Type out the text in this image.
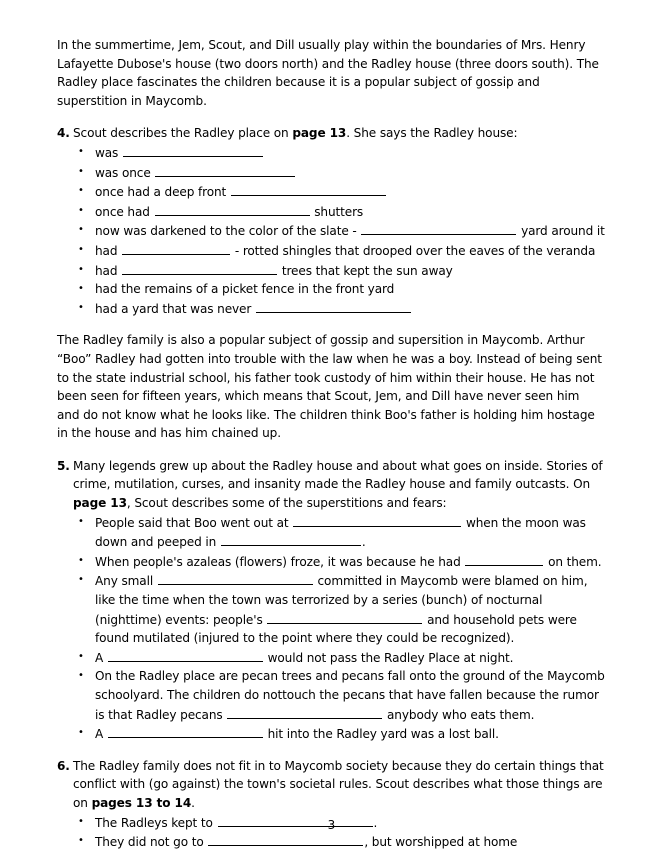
In the summertime, Jem, Scout, and Dill usually play within the boundaries of Mrs. Henry Lafayette Dubose's house (two doors north) and the Radley house (three doors south). The Radley place fascinates the children because it is a popular subject of gossip and superstition in Maycomb.

4. Scout describes the Radley place on page 13. She says the Radley house:
• was
• was once
• once had a deep front
• once had	shutters
• now was darkened to the color of the slate -	yard around it
• had	- rotted shingles that drooped over the eaves of the veranda
• had	trees that kept the sun away
• had the remains of a picket fence in the front yard
• had a yard that was never

The Radley family is also a popular subject of gossip and supersition in Maycomb. Arthur “Boo” Radley had gotten into trouble with the law when he was a boy. Instead of being sent to the state industrial school, his father took custody of him within their house. He has not been seen for fifteen years, which means that Scout, Jem, and Dill have never seen him and do not know what he looks like. The children think Boo's father is holding him hostage in the house and has him chained up.

5. Many legends grew up about the Radley house and about what goes on inside. Stories of crime, mutilation, curses, and insanity made the Radley house and family outcasts. On page 13, Scout describes some of the superstitions and fears:
• People said that Boo went out at	when the moon was down and peeped in	.
• When people's azaleas (flowers) froze, it was because he had	on them.
• Any small	committed in Maycomb were blamed on him, like the time when the town was terrorized by a series (bunch) of nocturnal (nighttime) events: people's	and household pets were found mutilated (injured to the point where they could be recognized).
• A	would not pass the Radley Place at night.
• On the Radley place are pecan trees and pecans fall onto the ground of the Maycomb schoolyard. The children do nottouch the pecans that have fallen because the rumor is that Radley pecans	anybody who eats them.
• A	hit into the Radley yard was a lost ball.
6. The Radley family does not fit in to Maycomb society because they do certain things that conflict with (go against) the town's societal rules. Scout describes what those things are on pages 13 to 14.
• The Radleys kept to	.
• They did not go to	, but worshipped at home
3
